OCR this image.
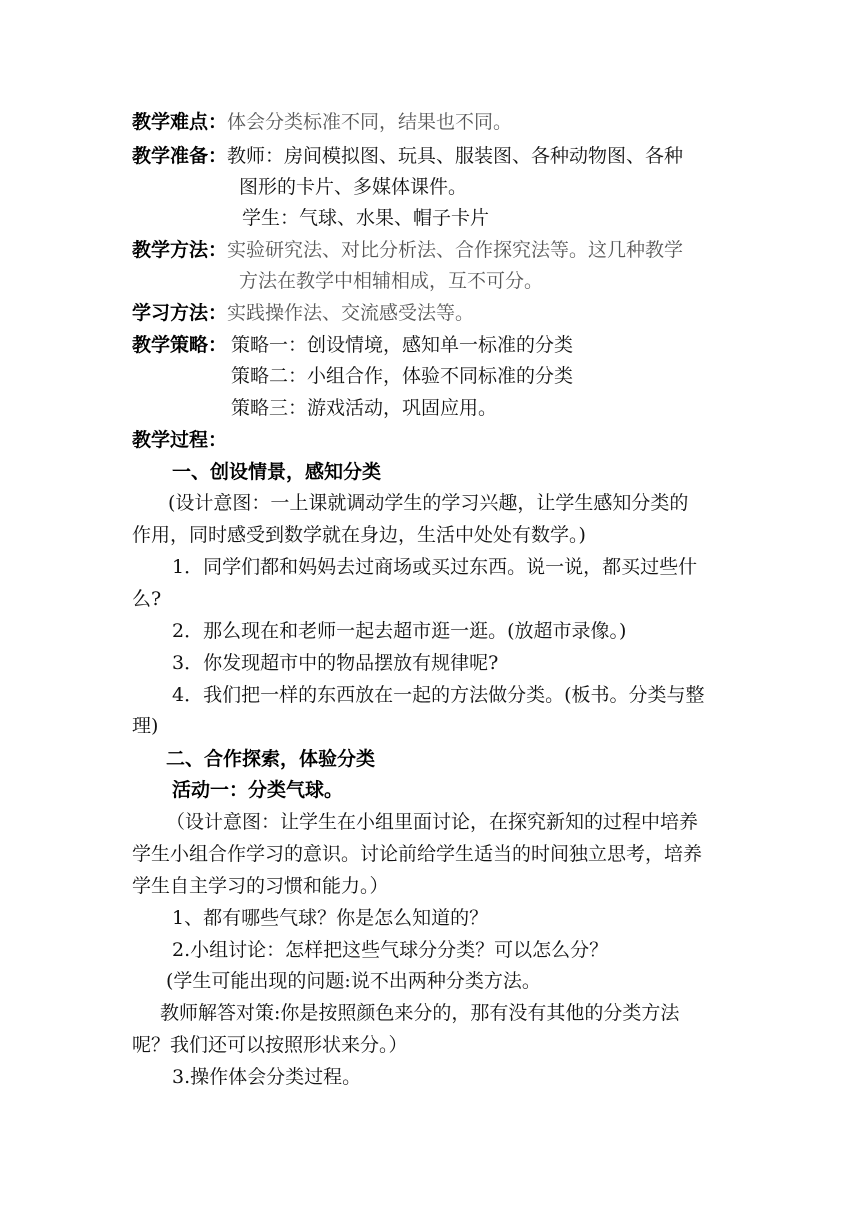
教学难点：体会分类标准不同，结果也不同。
教学准备：教师：房间模拟图、玩具、服装图、各种动物图、各种
图形的卡片、多媒体课件。
学生：气球、水果、帽子卡片
教学方法：实验研究法、对比分析法、合作探究法等。这几种教学
方法在教学中相辅相成，互不可分。
学习方法：实践操作法、交流感受法等。
教学策略： 策略一：创设情境，感知单一标准的分类
策略二：小组合作，体验不同标准的分类
策略三：游戏活动，巩固应用。
教学过程：
一、创设情景，感知分类
(设计意图：一上课就调动学生的学习兴趣，让学生感知分类的
作用，同时感受到数学就在身边，生活中处处有数学。)
1．同学们都和妈妈去过商场或买过东西。说一说，都买过些什
么?
2．那么现在和老师一起去超市逛一逛。(放超市录像。)
3．你发现超市中的物品摆放有规律呢?
4．我们把一样的东西放在一起的方法做分类。(板书。分类与整
理)
二、合作探索，体验分类
活动一：分类气球。
（设计意图：让学生在小组里面讨论，在探究新知的过程中培养
学生小组合作学习的意识。讨论前给学生适当的时间独立思考，培养
学生自主学习的习惯和能力。）
1、都有哪些气球？你是怎么知道的？
2.小组讨论：怎样把这些气球分分类？可以怎么分？
(学生可能出现的问题:说不出两种分类方法。
教师解答对策:你是按照颜色来分的，那有没有其他的分类方法
呢？我们还可以按照形状来分。）
3.操作体会分类过程。
